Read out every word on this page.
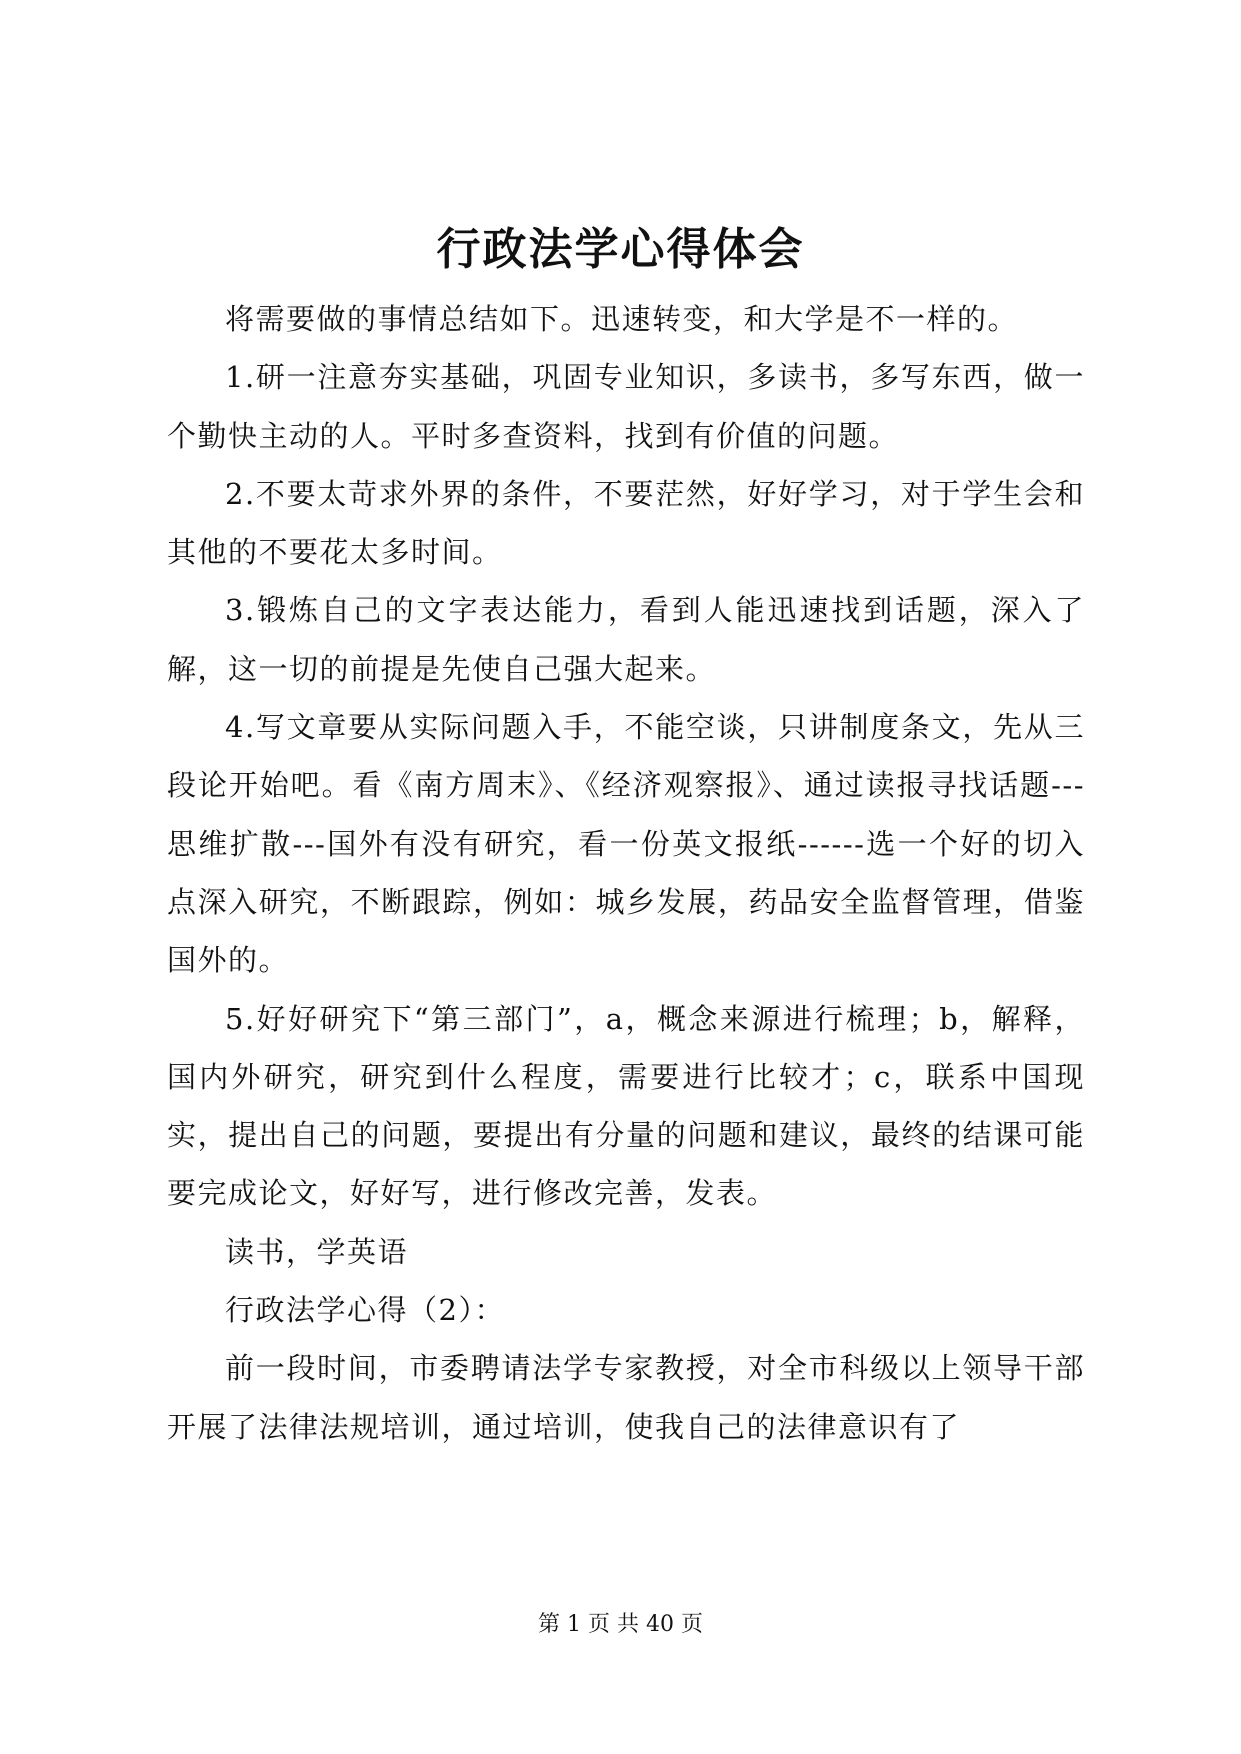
行政法学心得体会

将需要做的事情总结如下。迅速转变，和大学是不一样的。

1.研一注意夯实基础，巩固专业知识，多读书，多写东西，做一个勤快主动的人。平时多查资料，找到有价值的问题。

2.不要太苛求外界的条件，不要茫然，好好学习，对于学生会和其他的不要花太多时间。

3.锻炼自己的文字表达能力，看到人能迅速找到话题，深入了解，这一切的前提是先使自己强大起来。

4.写文章要从实际问题入手，不能空谈，只讲制度条文，先从三段论开始吧。看《南方周末》、《经济观察报》、通过读报寻找话题---思维扩散---国外有没有研究，看一份英文报纸------选一个好的切入点深入研究，不断跟踪，例如：城乡发展，药品安全监督管理，借鉴国外的。

5.好好研究下“第三部门”，a，概念来源进行梳理；b，解释，国内外研究，研究到什么程度，需要进行比较才；c，联系中国现实，提出自己的问题，要提出有分量的问题和建议，最终的结课可能要完成论文，好好写，进行修改完善，发表。

读书，学英语

行政法学心得（2）：

前一段时间，市委聘请法学专家教授，对全市科级以上领导干部开展了法律法规培训，通过培训，使我自己的法律意识有了

第 1 页 共 40 页
